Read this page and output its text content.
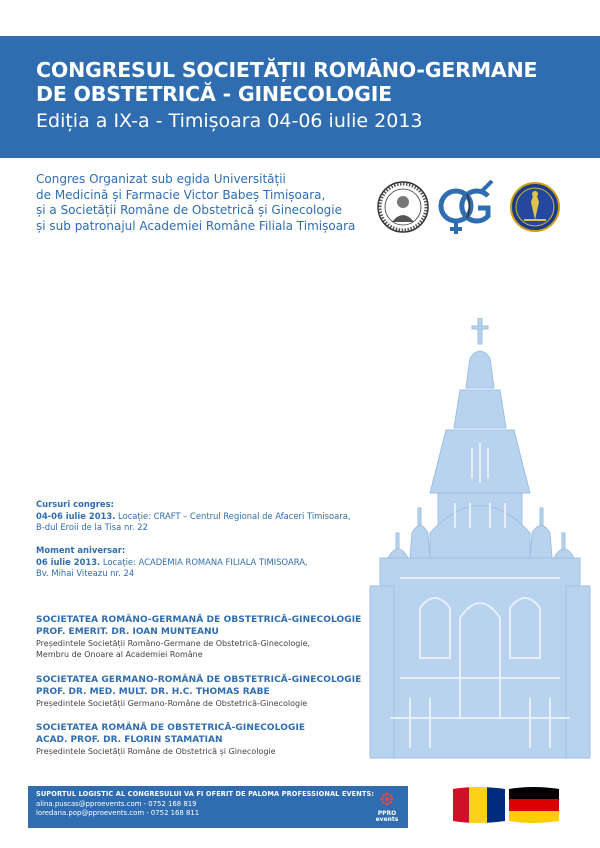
CONGRESUL SOCIETĂȚII ROMÂNO-GERMANE
DE OBSTETRICĂ - GINECOLOGIE
Ediția a IX-a - Timișoara 04-06 iulie 2013
Congres Organizat sub egida Universității
de Medicină și Farmacie Victor Babeș Timișoara,
și a Societății Române de Obstetrică și Ginecologie
și sub patronajul Academiei Române Filiala Timișoara
Cursuri congres:
04-06 iulie 2013. Locație: CRAFT – Centrul Regional de Afaceri Timisoara,
B-dul Eroii de la Tisa nr. 22
Moment aniversar:
06 iulie 2013. Locație: ACADEMIA ROMANA FILIALA TIMISOARA,
Bv. Mihai Viteazu nr. 24
SOCIETATEA ROMÂNO-GERMANĂ DE OBSTETRICĂ-GINECOLOGIE
PROF. EMERIT. DR. IOAN MUNTEANU
Președintele Societății Româno-Germane de Obstetrică-Ginecologie,
Membru de Onoare al Academiei Române
SOCIETATEA GERMANO-ROMÂNĂ DE OBSTETRICĂ-GINECOLOGIE
PROF. DR. MED. MULT. DR. H.C. THOMAS RABE
Președintele Societății Germano-Române de Obstetrică-Ginecologie
SOCIETATEA ROMÂNĂ DE OBSTETRICĂ-GINECOLOGIE
ACAD. PROF. DR. FLORIN STAMATIAN
Președintele Societății Române de Obstetrică și Ginecologie
SUPORTUL LOGISTIC AL CONGRESULUI VA FI OFERIT DE PALOMA PROFESSIONAL EVENTS:
alina.puscas@pproevents.com - 0752 168 819
loredana.pop@pproevents.com - 0752 168 811	PPRO
events
